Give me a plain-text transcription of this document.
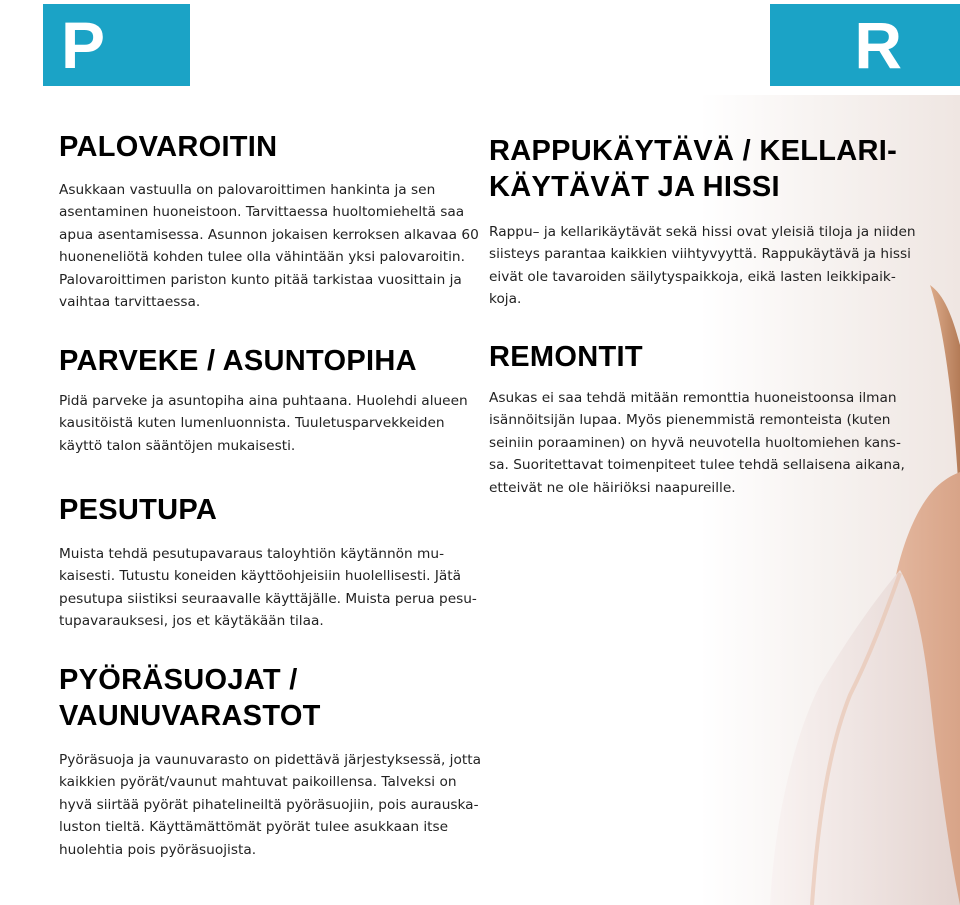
P	R
PALOVAROITIN

Asukkaan vastuulla on palovaroittimen hankinta ja sen
asentaminen huoneistoon. Tarvittaessa huoltomieheltä saa
apua asentamisessa. Asunnon jokaisen kerroksen alkavaa 60
huoneneliötä kohden tulee olla vähintään yksi palovaroitin.
Palovaroittimen pariston kunto pitää tarkistaa vuosittain ja
vaihtaa tarvittaessa.

PARVEKE / ASUNTOPIHA

Pidä parveke ja asuntopiha aina puhtaana. Huolehdi alueen
kausitöistä kuten lumenluonnista. Tuuletusparvekkeiden
käyttö talon sääntöjen mukaisesti.

PESUTUPA

Muista tehdä pesutupavaraus taloyhtiön käytännön mu-
kaisesti. Tutustu koneiden käyttöohjeisiin huolellisesti. Jätä
pesutupa siistiksi seuraavalle käyttäjälle. Muista perua pesu-
tupavarauksesi, jos et käytäkään tilaa.

PYÖRÄSUOJAT /
VAUNUVARASTOT

Pyöräsuoja ja vaunuvarasto on pidettävä järjestyksessä, jotta
kaikkien pyörät/vaunut mahtuvat paikoillensa. Talveksi on
hyvä siirtää pyörät pihatelineiltä pyöräsuojiin, pois aurauska-
luston tieltä. Käyttämättömät pyörät tulee asukkaan itse
huolehtia pois pyöräsuojista.

RAPPUKÄYTÄVÄ / KELLARI-
KÄYTÄVÄT JA HISSI

Rappu– ja kellarikäytävät sekä hissi ovat yleisiä tiloja ja niiden
siisteys parantaa kaikkien viihtyvyyttä. Rappukäytävä ja hissi
eivät ole tavaroiden säilytyspaikkoja, eikä lasten leikkipaik-
koja.

REMONTIT

Asukas ei saa tehdä mitään remonttia huoneistoonsa ilman
isännöitsijän lupaa. Myös pienemmistä remonteista (kuten
seiniin poraaminen) on hyvä neuvotella huoltomiehen kans-
sa. Suoritettavat toimenpiteet tulee tehdä sellaisena aikana,
etteivät ne ole häiriöksi naapureille.
